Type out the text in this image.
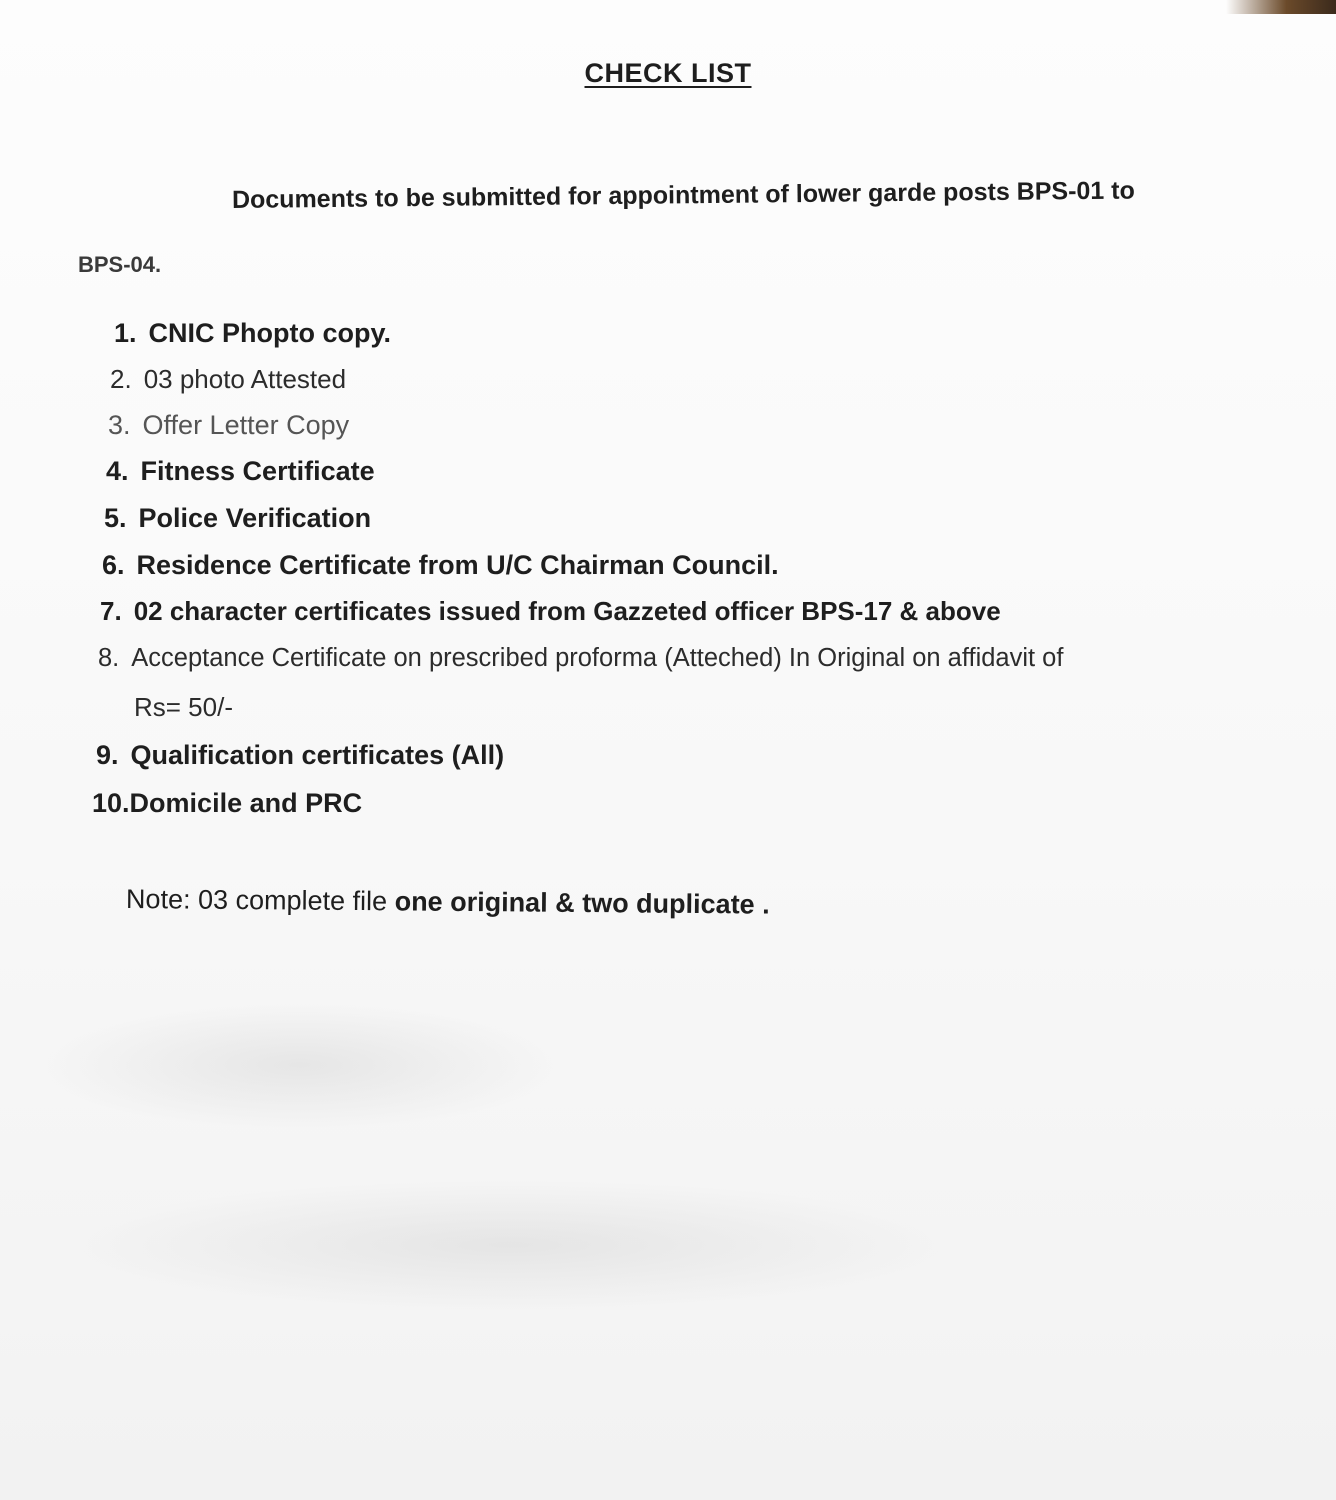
CHECK LIST
Documents to be submitted for appointment of lower garde posts BPS-01 to
BPS-04.
1. CNIC Phopto copy.
2. 03 photo Attested
3. Offer Letter Copy
4. Fitness Certificate
5. Police Verification
6. Residence Certificate from U/C Chairman Council.
7. 02 character certificates issued from Gazzeted officer BPS-17 & above
8. Acceptance Certificate on prescribed proforma (Atteched) In Original on affidavit of
Rs= 50/-
9. Qualification certificates (All)
10.Domicile and PRC
Note: 03 complete file one original & two duplicate .
